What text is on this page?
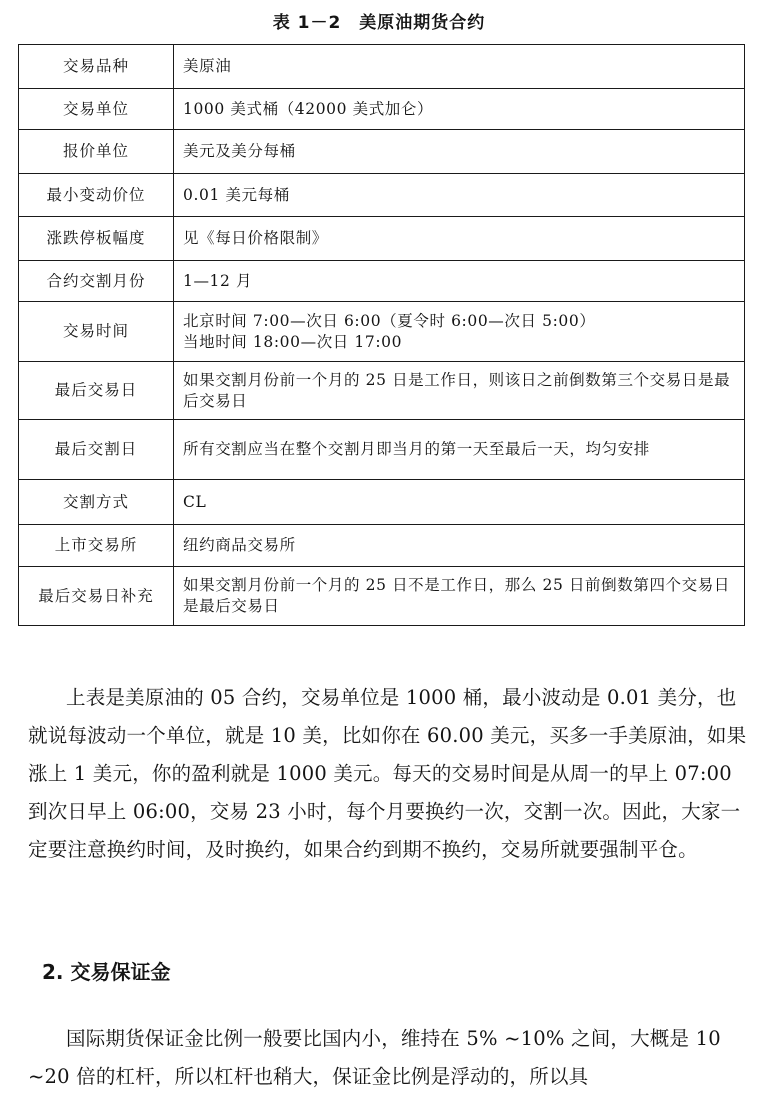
表 1－2　美原油期货合约
交易品种	美原油
交易单位	1000 美式桶（42000 美式加仑）
报价单位	美元及美分每桶
最小变动价位	0.01 美元每桶
涨跌停板幅度	见《每日价格限制》
合约交割月份	1—12 月
交易时间	北京时间 7:00—次日 6:00（夏令时 6:00—次日 5:00）
当地时间 18:00—次日 17:00
最后交易日	如果交割月份前一个月的 25 日是工作日，则该日之前倒数第三个交易日是最后交易日
最后交割日	所有交割应当在整个交割月即当月的第一天至最后一天，均匀安排
交割方式	CL
上市交易所	纽约商品交易所
最后交易日补充	如果交割月份前一个月的 25 日不是工作日，那么 25 日前倒数第四个交易日是最后交易日
上表是美原油的 05 合约，交易单位是 1000 桶，最小波动是 0.01 美分，也就说每波动一个单位，就是 10 美，比如你在 60.00 美元，买多一手美原油，如果涨上 1 美元，你的盈利就是 1000 美元。每天的交易时间是从周一的早上 07:00 到次日早上 06:00，交易 23 小时，每个月要换约一次，交割一次。因此，大家一定要注意换约时间，及时换约，如果合约到期不换约，交易所就要强制平仓。
2. 交易保证金
国际期货保证金比例一般要比国内小，维持在 5% ~10% 之间，大概是 10 ~20 倍的杠杆，所以杠杆也稍大，保证金比例是浮动的，所以具
